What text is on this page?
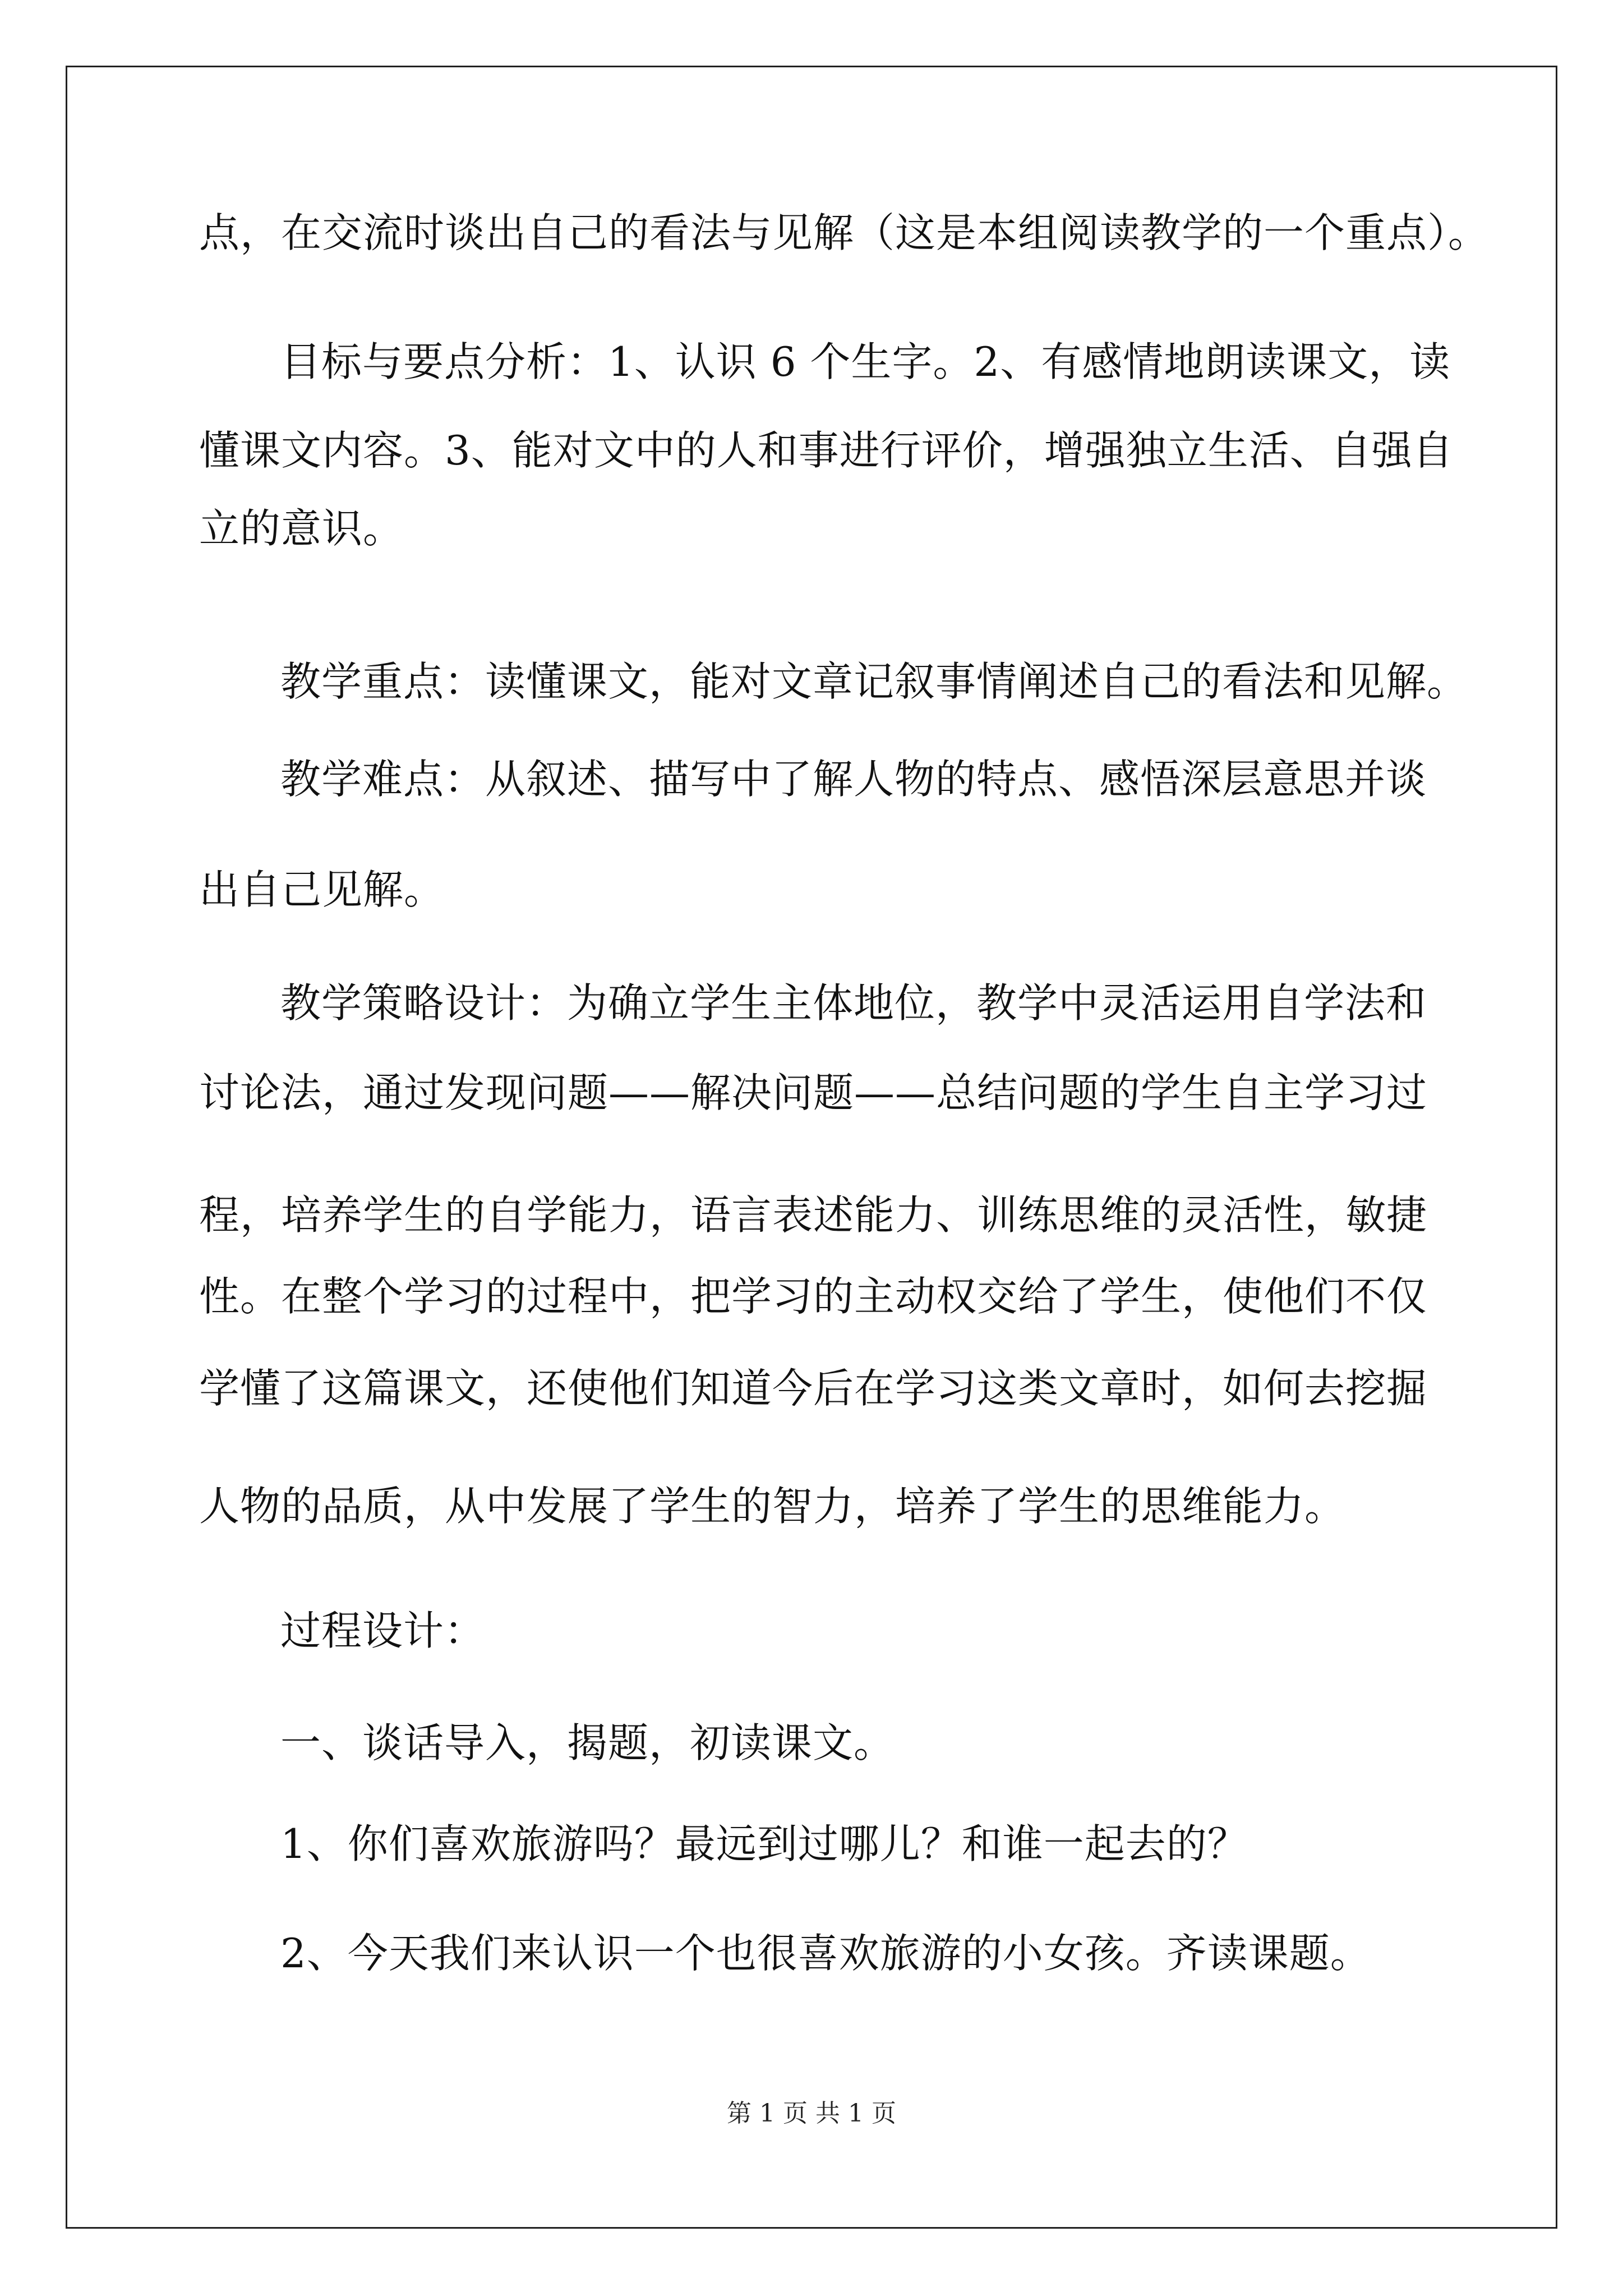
点，在交流时谈出自己的看法与见解（这是本组阅读教学的一个重点）。
目标与要点分析：1、认识 6 个生字。2、有感情地朗读课文，读
懂课文内容。3、能对文中的人和事进行评价，增强独立生活、自强自
立的意识。
教学重点：读懂课文，能对文章记叙事情阐述自己的看法和见解。
教学难点：从叙述、描写中了解人物的特点、感悟深层意思并谈
出自己见解。
教学策略设计：为确立学生主体地位，教学中灵活运用自学法和
讨论法，通过发现问题——解决问题——总结问题的学生自主学习过
程，培养学生的自学能力，语言表述能力、训练思维的灵活性，敏捷
性。在整个学习的过程中，把学习的主动权交给了学生，使他们不仅
学懂了这篇课文，还使他们知道今后在学习这类文章时，如何去挖掘
人物的品质，从中发展了学生的智力，培养了学生的思维能力。
过程设计：
一、谈话导入，揭题，初读课文。
1、你们喜欢旅游吗？最远到过哪儿？和谁一起去的？
2、今天我们来认识一个也很喜欢旅游的小女孩。齐读课题。
第 1 页 共 1 页
